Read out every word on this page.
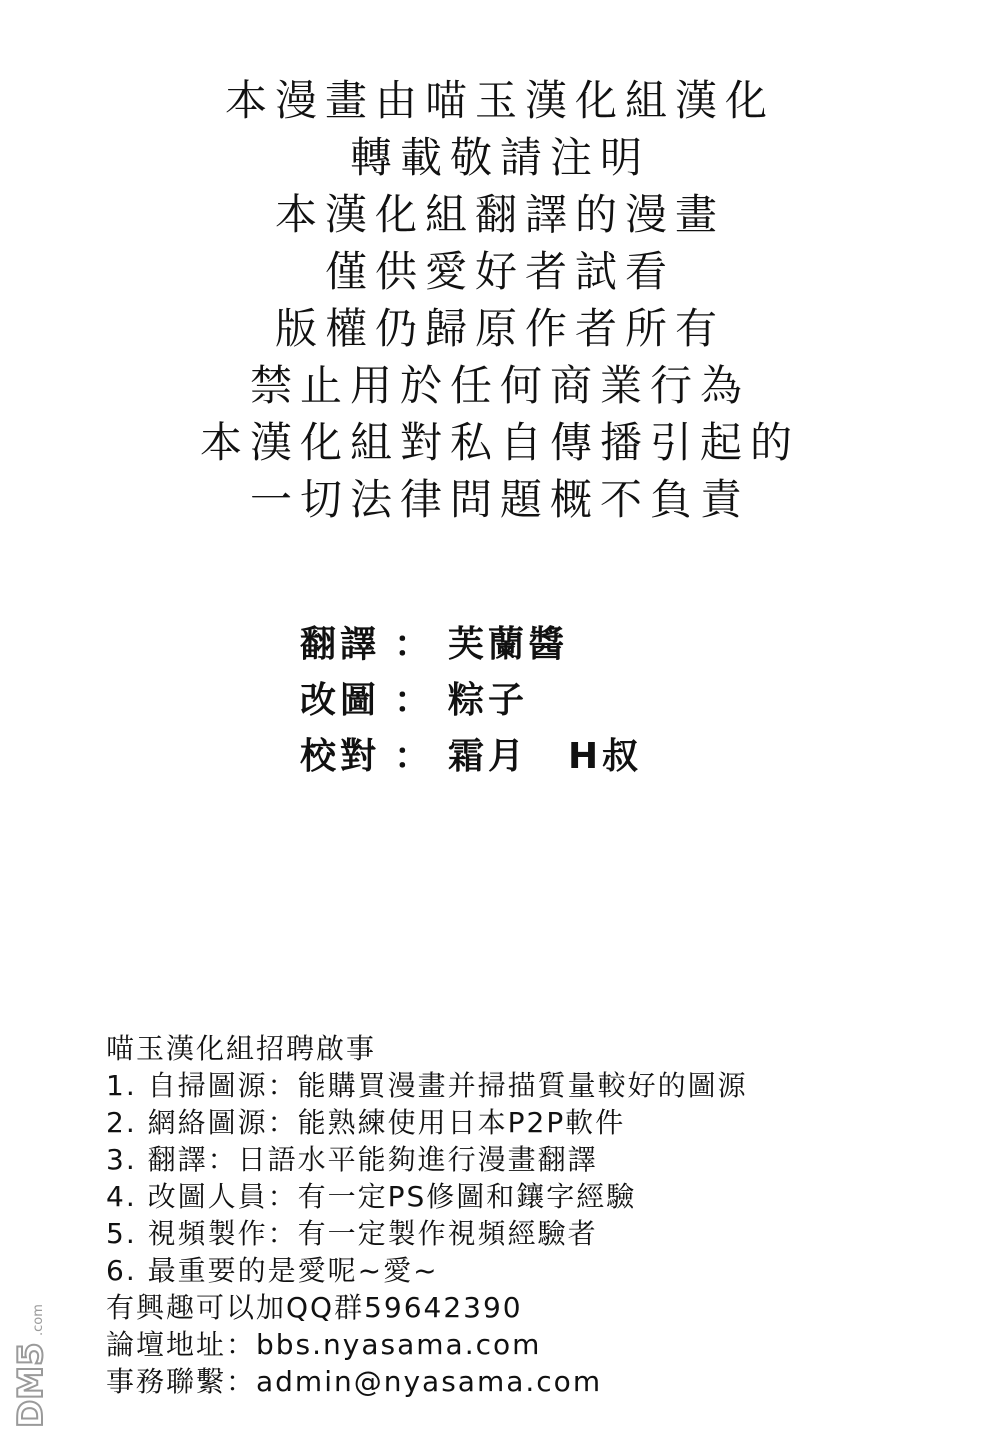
本漫畫由喵玉漢化組漢化
轉載敬請注明
本漢化組翻譯的漫畫
僅供愛好者試看
版權仍歸原作者所有
禁止用於任何商業行為
本漢化組對私自傳播引起的
一切法律問題概不負責
翻譯 ： 芙蘭醬
改圖 ： 粽子
校對 ： 霜月　H叔
喵玉漢化組招聘啟事
1. 自掃圖源：能購買漫畫并掃描質量較好的圖源
2. 網絡圖源：能熟練使用日本P2P軟件
3. 翻譯：日語水平能夠進行漫畫翻譯
4. 改圖人員：有一定PS修圖和鑲字經驗
5. 視頻製作：有一定製作視頻經驗者
6. 最重要的是愛呢~愛~
有興趣可以加QQ群59642390
論壇地址：bbs.nyasama.com
事務聯繫：admin@nyasama.com
DM5
.com
